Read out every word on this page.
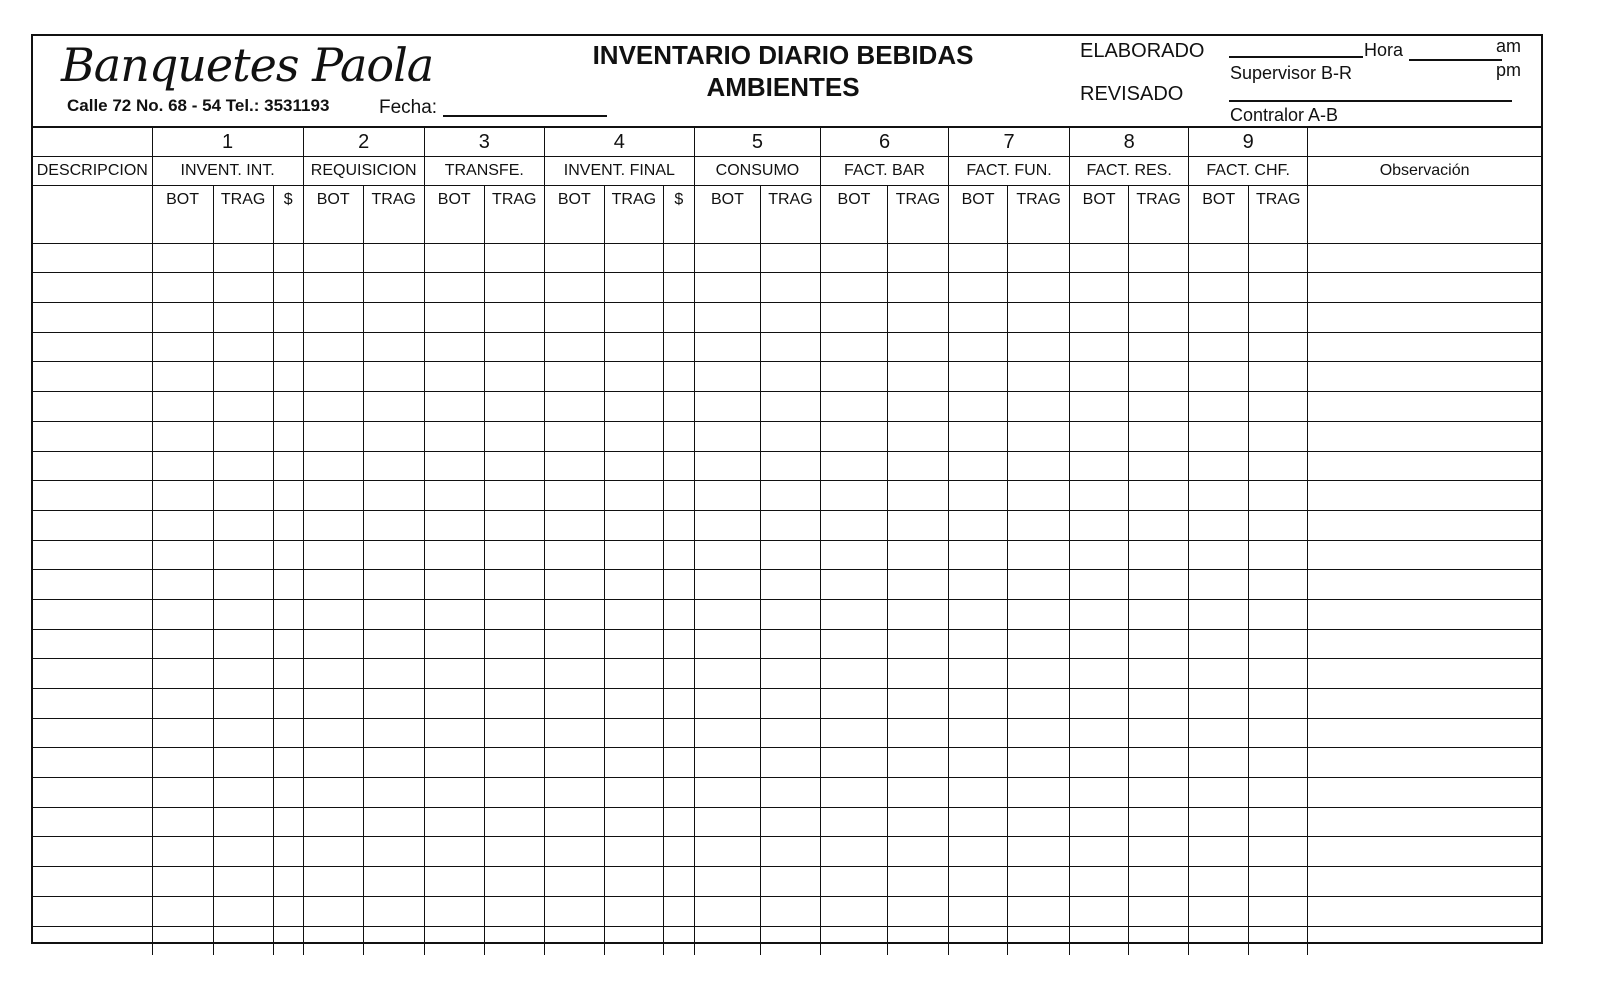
Banquetes Paola
Calle 72 No. 68 - 54 Tel.: 3531193	Fecha:
INVENTARIO DIARIO BEBIDAS
AMBIENTES
ELABORADO	Hora	am
pm
Supervisor B-R
REVISADO
Contralor A-B
	1			2		3		4			5		6		7		8		9		
DESCRIPCION	INVENT. INT.			REQUISICION		TRANSFE.		INVENT. FINAL			CONSUMO		FACT. BAR		FACT. FUN.		FACT. RES.		FACT. CHF.		Observación
	BOT	TRAG	$	BOT	TRAG	BOT	TRAG	BOT	TRAG	$	BOT	TRAG	BOT	TRAG	BOT	TRAG	BOT	TRAG	BOT	TRAG	
